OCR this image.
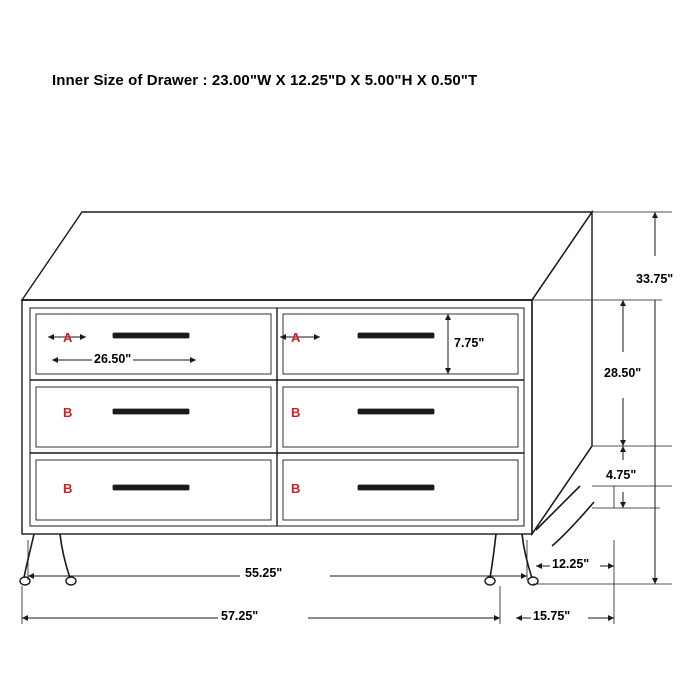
Inner Size of Drawer : 23.00"W X 12.25"D X 5.00"H X 0.50"T
A	A
B	B
B	B
26.50"
7.75"
33.75"
28.50"
4.75"
55.25"
12.25"
57.25"	15.75"
